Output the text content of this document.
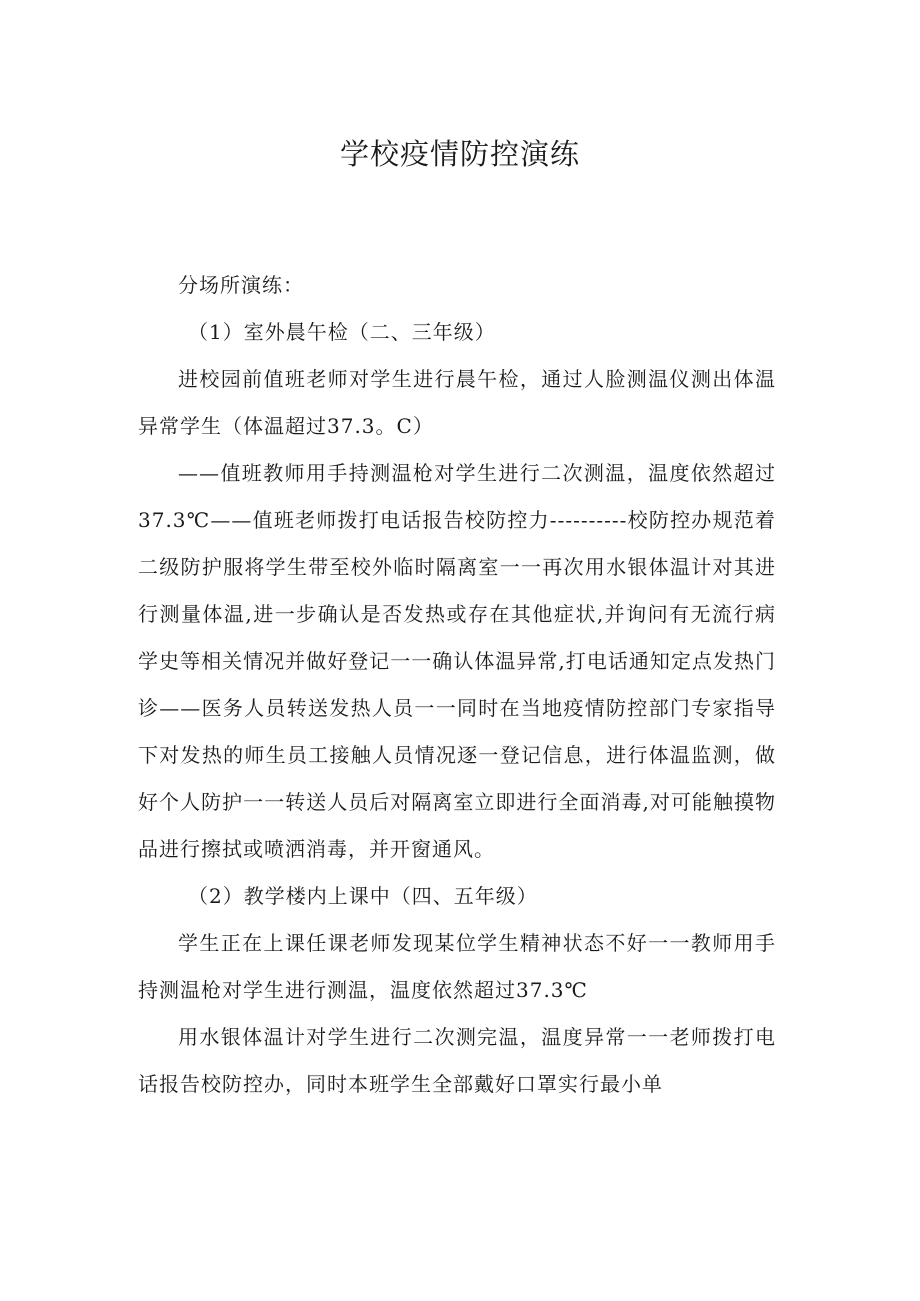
学校疫情防控演练

分场所演练：

（1）室外晨午检（二、三年级）

进校园前值班老师对学生进行晨午检，通过人脸测温仪测出体温异常学生（体温超过37.3。C）

——值班教师用手持测温枪对学生进行二次测温，温度依然超过37.3℃——值班老师拨打电话报告校防控力----------校防控办规范着二级防护服将学生带至校外临时隔离室一一再次用水银体温计对其进行测量体温,进一步确认是否发热或存在其他症状,并询问有无流行病学史等相关情况并做好登记一一确认体温异常,打电话通知定点发热门诊——医务人员转送发热人员一一同时在当地疫情防控部门专家指导下对发热的师生员工接触人员情况逐一登记信息，进行体温监测，做好个人防护一一转送人员后对隔离室立即进行全面消毒,对可能触摸物品进行擦拭或喷洒消毒，并开窗通风。

（2）教学楼内上课中（四、五年级）

学生正在上课任课老师发现某位学生精神状态不好一一教师用手持测温枪对学生进行测温，温度依然超过37.3℃

用水银体温计对学生进行二次测完温，温度异常一一老师拨打电话报告校防控办，同时本班学生全部戴好口罩实行最小单
